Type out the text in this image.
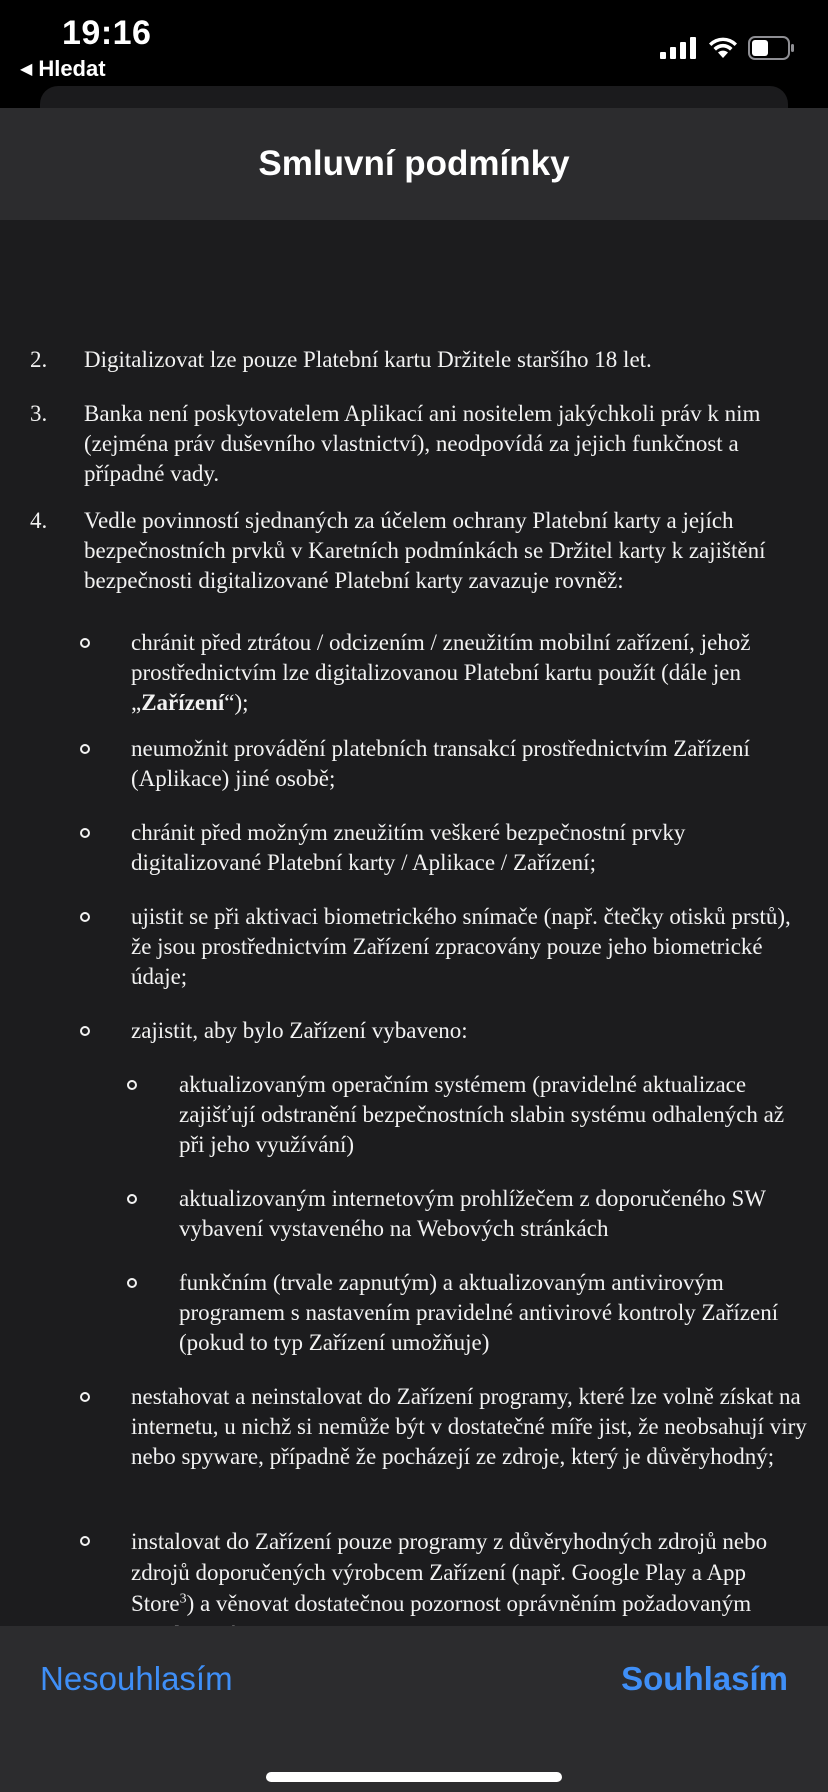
19:16
◀ Hledat
Smluvní podmínky
2. Digitalizovat lze pouze Platební kartu Držitele staršího 18 let.
3. Banka není poskytovatelem Aplikací ani nositelem jakýchkoli práv k nim (zejména práv duševního vlastnictví), neodpovídá za jejich funkčnost a případné vady.
4. Vedle povinností sjednaných za účelem ochrany Platební karty a jejích bezpečnostních prvků v Karetních podmínkách se Držitel karty k zajištění bezpečnosti digitalizované Platební karty zavazuje rovněž:
chránit před ztrátou / odcizením / zneužitím mobilní zařízení, jehož prostřednictvím lze digitalizovanou Platební kartu použít (dále jen „Zařízení“);
neumožnit provádění platebních transakcí prostřednictvím Zařízení (Aplikace) jiné osobě;
chránit před možným zneužitím veškeré bezpečnostní prvky digitalizované Platební karty / Aplikace / Zařízení;
ujistit se při aktivaci biometrického snímače (např. čtečky otisků prstů), že jsou prostřednictvím Zařízení zpracovány pouze jeho biometrické údaje;
zajistit, aby bylo Zařízení vybaveno:
aktualizovaným operačním systémem (pravidelné aktualizace zajišťují odstranění bezpečnostních slabin systému odhalených až při jeho využívání)
aktualizovaným internetovým prohlížečem z doporučeného SW vybavení vystaveného na Webových stránkách
funkčním (trvale zapnutým) a aktualizovaným antivirovým programem s nastavením pravidelné antivirové kontroly Zařízení (pokud to typ Zařízení umožňuje)
nestahovat a neinstalovat do Zařízení programy, které lze volně získat na internetu, u nichž si nemůže být v dostatečné míře jist, že neobsahují viry nebo spyware, případně že pocházejí ze zdroje, který je důvěryhodný;
instalovat do Zařízení pouze programy z důvěryhodných zdrojů nebo zdrojů doporučených výrobcem Zařízení (např. Google Play a App Store$^3$) a věnovat dostatečnou pozornost oprávněním požadovaným
Nesouhlasím	Souhlasím
